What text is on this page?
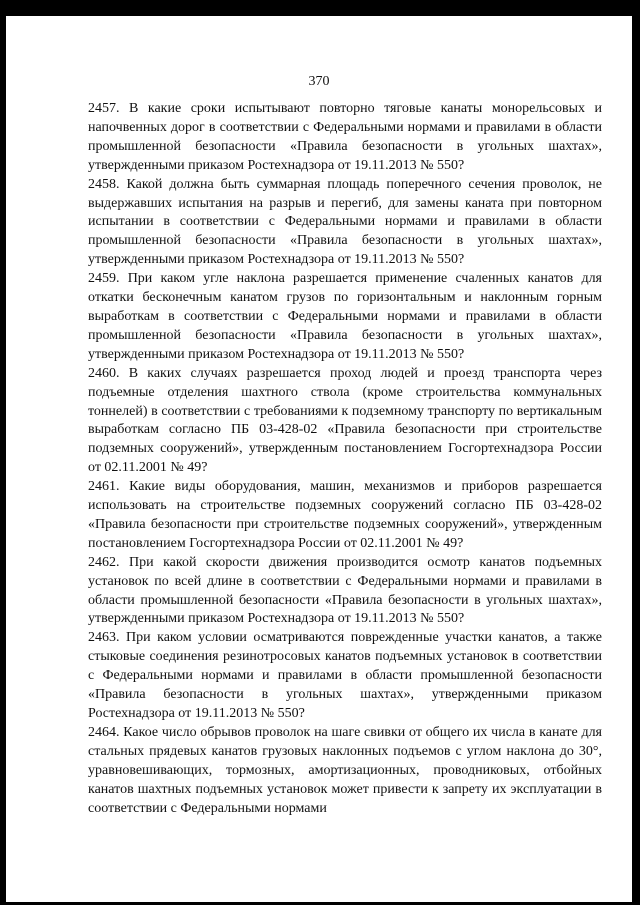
370

2457. В какие сроки испытывают повторно тяговые канаты монорельсовых и напочвенных дорог в соответствии с Федеральными нормами и правилами в области промышленной безопасности «Правила безопасности в угольных шахтах», утвержденными приказом Ростехнадзора от 19.11.2013 № 550?

2458. Какой должна быть суммарная площадь поперечного сечения проволок, не выдержавших испытания на разрыв и перегиб, для замены каната при повторном испытании в соответствии с Федеральными нормами и правилами в области промышленной безопасности «Правила безопасности в угольных шахтах», утвержденными приказом Ростехнадзора от 19.11.2013 № 550?

2459. При каком угле наклона разрешается применение счаленных канатов для откатки бесконечным канатом грузов по горизонтальным и наклонным горным выработкам в соответствии с Федеральными нормами и правилами в области промышленной безопасности «Правила безопасности в угольных шахтах», утвержденными приказом Ростехнадзора от 19.11.2013 № 550?

2460. В каких случаях разрешается проход людей и проезд транспорта через подъемные отделения шахтного ствола (кроме строительства коммунальных тоннелей) в соответствии с требованиями к подземному транспорту по вертикальным выработкам согласно ПБ 03-428-02 «Правила безопасности при строительстве подземных сооружений», утвержденным постановлением Госгортехнадзора России от 02.11.2001 № 49?

2461. Какие виды оборудования, машин, механизмов и приборов разрешается использовать на строительстве подземных сооружений согласно ПБ 03-428-02 «Правила безопасности при строительстве подземных сооружений», утвержденным постановлением Госгортехнадзора России от 02.11.2001 № 49?

2462. При какой скорости движения производится осмотр канатов подъемных установок по всей длине в соответствии с Федеральными нормами и правилами в области промышленной безопасности «Правила безопасности в угольных шахтах», утвержденными приказом Ростехнадзора от 19.11.2013 № 550?

2463. При каком условии осматриваются поврежденные участки канатов, а также стыковые соединения резинотросовых канатов подъемных установок в соответствии с Федеральными нормами и правилами в области промышленной безопасности «Правила безопасности в угольных шахтах», утвержденными приказом Ростехнадзора от 19.11.2013 № 550?

2464. Какое число обрывов проволок на шаге свивки от общего их числа в канате для стальных прядевых канатов грузовых наклонных подъемов с углом наклона до 30°, уравновешивающих, тормозных, амортизационных, проводниковых, отбойных канатов шахтных подъемных установок может привести к запрету их эксплуатации в соответствии с Федеральными нормами
